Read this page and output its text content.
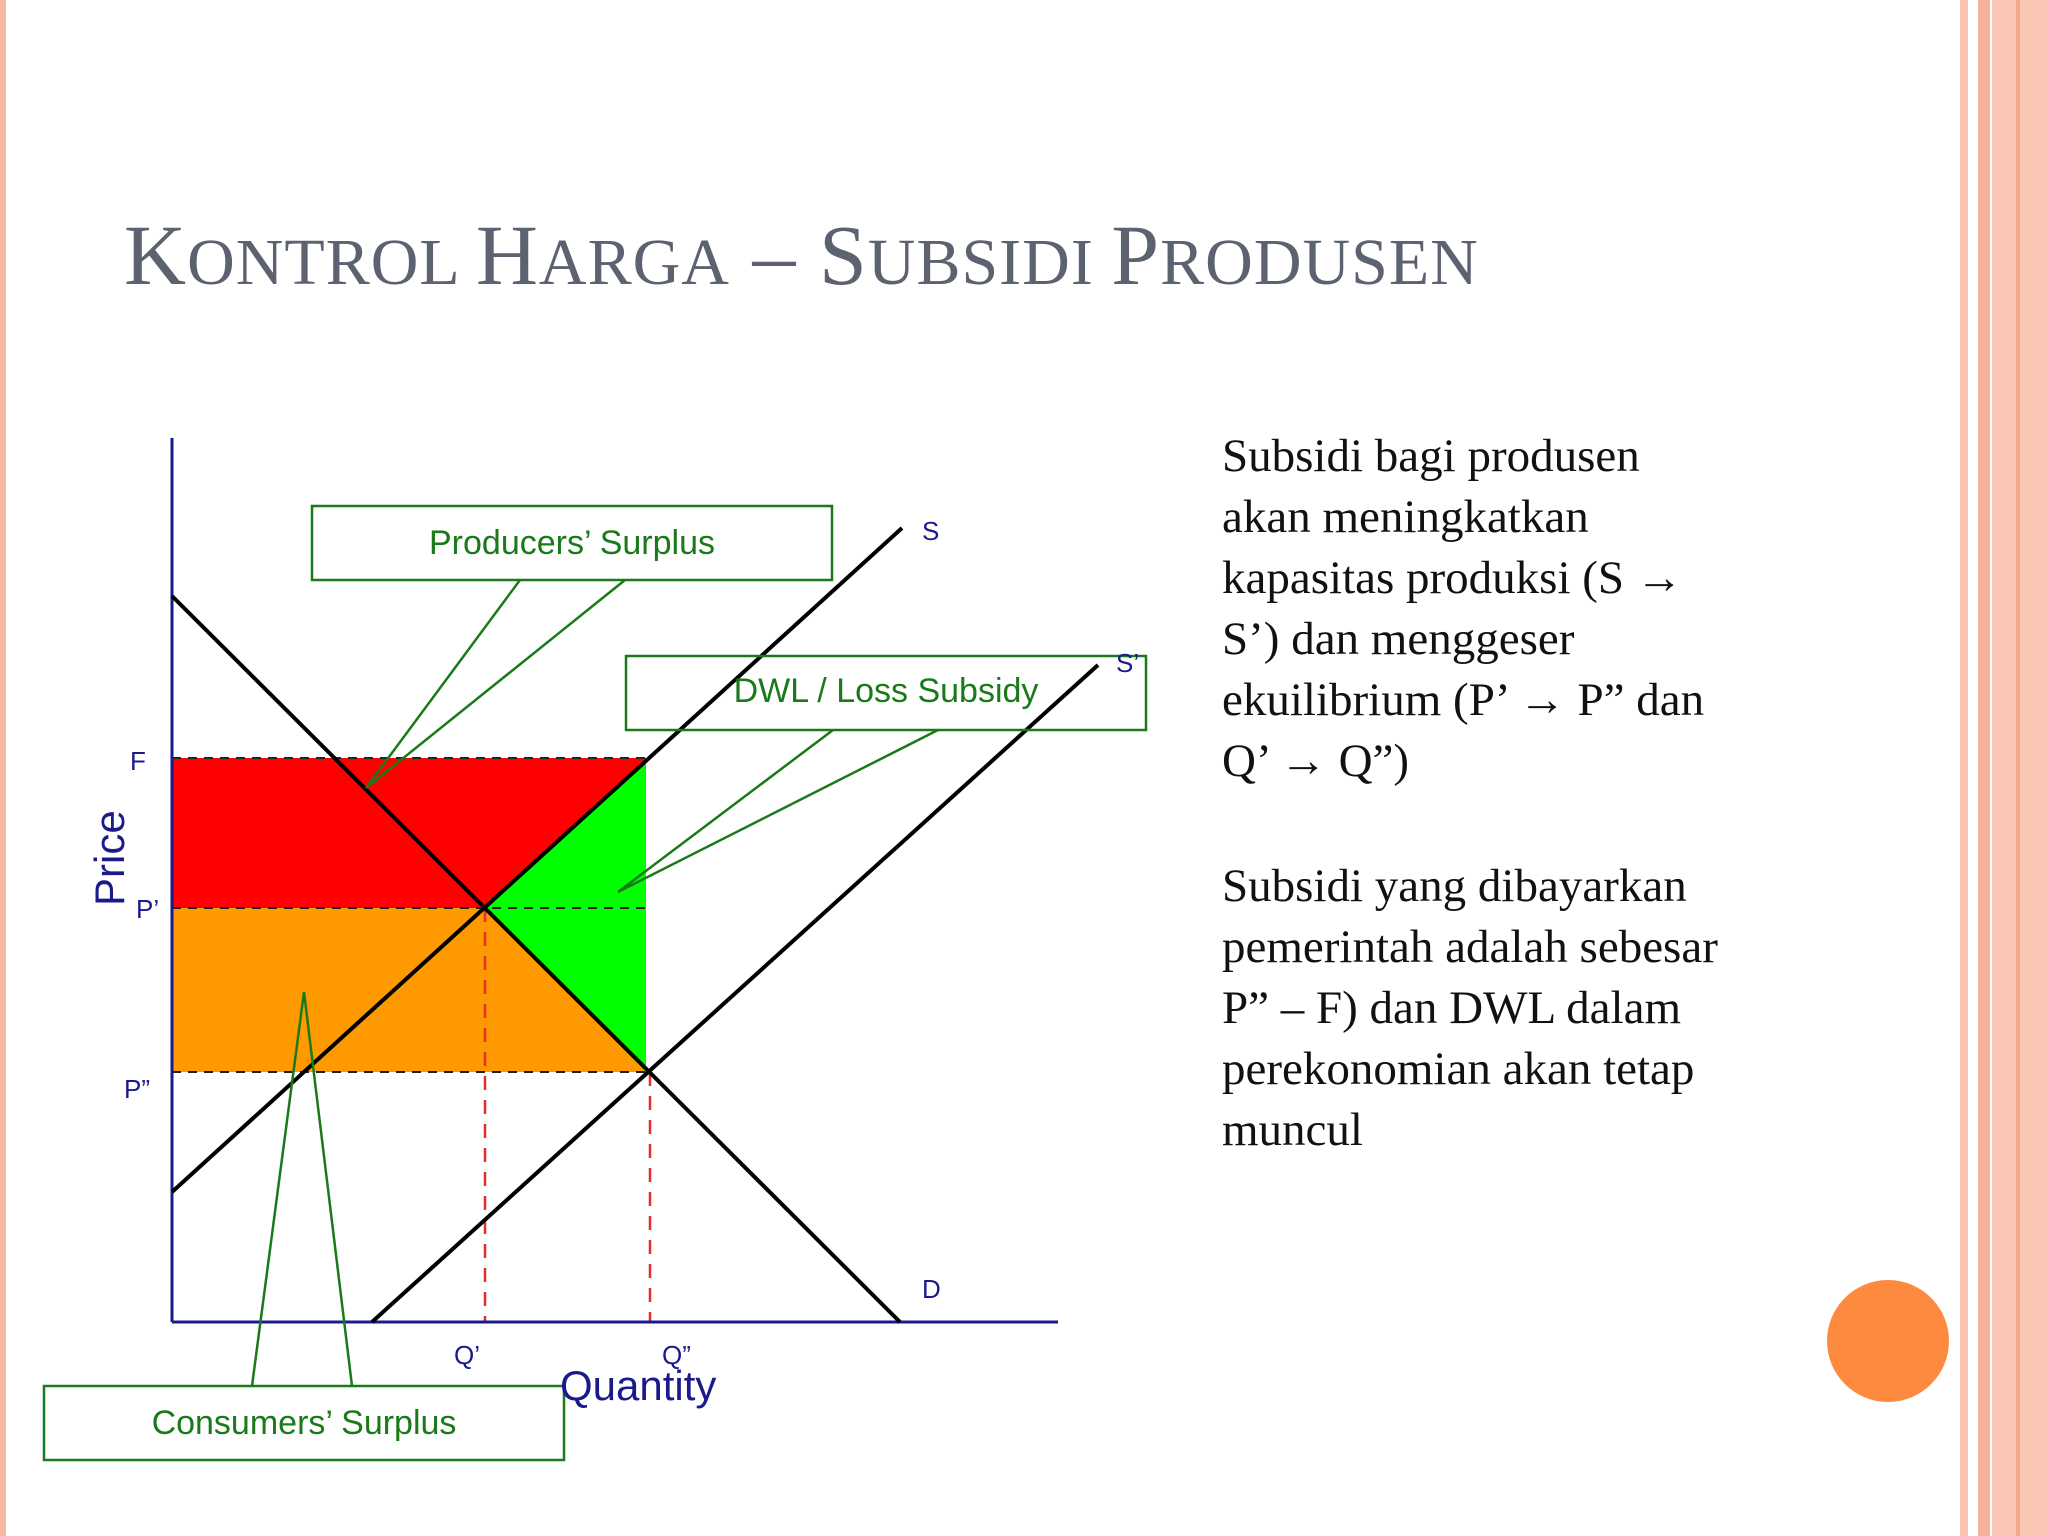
KONTROL HARGA – SUBSIDI PRODUSEN
Producers’ Surplus
DWL / Loss Subsidy
Consumers’ Surplus
F
P’
P”
Q’	Q”
S
S’
D
Quantity
Price

Subsidi bagi produsen
akan meningkatkan
kapasitas produksi (S →
S’) dan menggeser
ekuilibrium (P’ → P” dan
Q’ → Q”)

Subsidi yang dibayarkan
pemerintah adalah sebesar
P” – F) dan DWL dalam
perekonomian akan tetap
muncul
